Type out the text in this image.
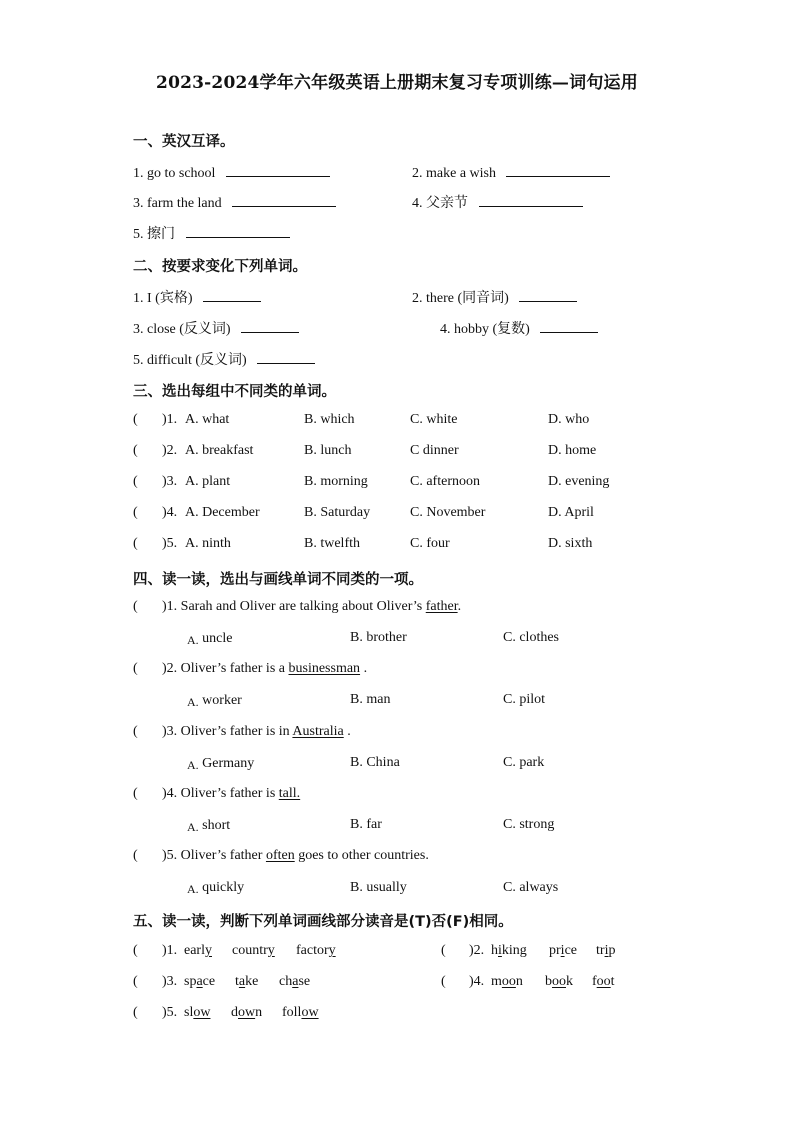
2023-2024学年六年级英语上册期末复习专项训练—词句运用
一、英汉互译。
1. go to school	2. make a wish
3. farm the land	4. 父亲节
5. 擦门
二、按要求变化下列单词。
1. I (宾格)	2. there (同音词)
3. close (反义词)	4. hobby (复数)
5. difficult (反义词)
三、选出每组中不同类的单词。
( )1. A. what	B. which	C. white	D. who
( )2. A. breakfast	B. lunch	C dinner	D. home
( )3. A. plant	B. morning	C. afternoon	D. evening
( )4. A. December	B. Saturday	C. November	D. April
( )5. A. ninth	B. twelfth	C. four	D. sixth
四、读一读，选出与画线单词不同类的一项。
( )1. Sarah and Oliver are talking about Oliver’s father.
A. uncle	B. brother	C. clothes
( )2. Oliver’s father is a businessman .
A. worker	B. man	C. pilot
( )3. Oliver’s father is in Australia .
A. Germany	B. China	C. park
( )4. Oliver’s father is tall.
A. short	B. far	C. strong
( )5. Oliver’s father often goes to other countries.
A. quickly	B. usually	C. always
五、读一读，判断下列单词画线部分读音是(T)否(F)相同。
( )1. early country factory	( )2. hiking price trip
( )3. space take chase	( )4. moon book foot
( )5. slow down follow
